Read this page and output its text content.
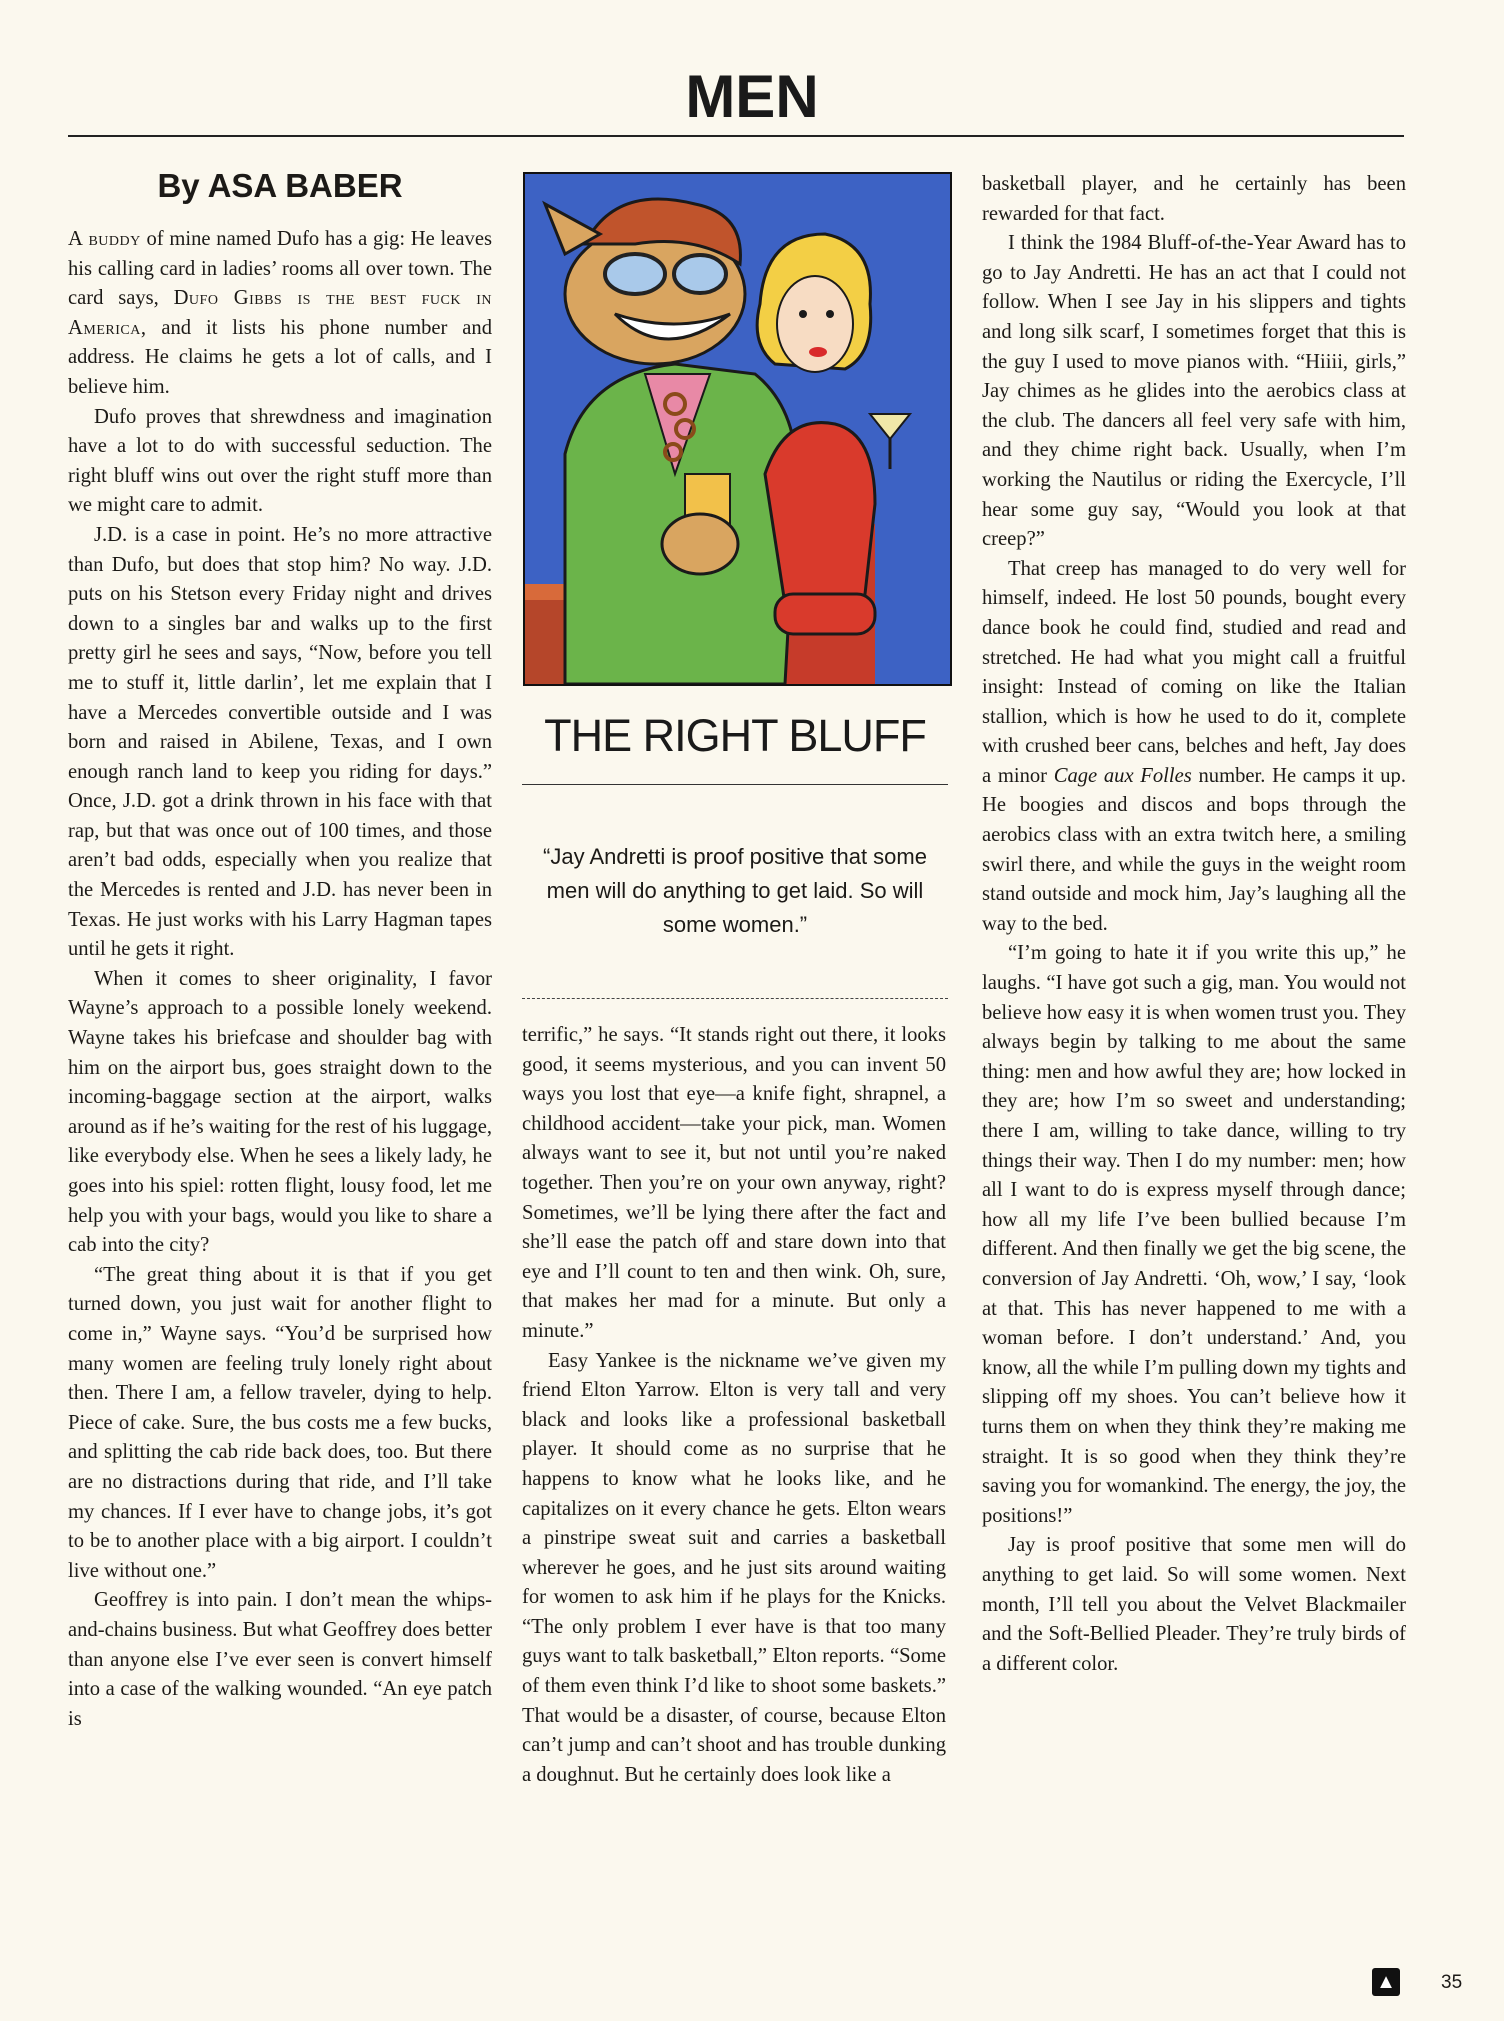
MEN
By ASA BABER

A buddy of mine named Dufo has a gig: He leaves his calling card in ladies’ rooms all over town. The card says, Dufo Gibbs is the best fuck in America, and it lists his phone number and address. He claims he gets a lot of calls, and I believe him.

Dufo proves that shrewdness and imagination have a lot to do with successful seduction. The right bluff wins out over the right stuff more than we might care to admit.

J.D. is a case in point. He’s no more attractive than Dufo, but does that stop him? No way. J.D. puts on his Stetson every Friday night and drives down to a singles bar and walks up to the first pretty girl he sees and says, “Now, before you tell me to stuff it, little darlin’, let me explain that I have a Mercedes convertible outside and I was born and raised in Abilene, Texas, and I own enough ranch land to keep you riding for days.” Once, J.D. got a drink thrown in his face with that rap, but that was once out of 100 times, and those aren’t bad odds, especially when you realize that the Mercedes is rented and J.D. has never been in Texas. He just works with his Larry Hagman tapes until he gets it right.

When it comes to sheer originality, I favor Wayne’s approach to a possible lonely weekend. Wayne takes his briefcase and shoulder bag with him on the airport bus, goes straight down to the incoming-baggage section at the airport, walks around as if he’s waiting for the rest of his luggage, like everybody else. When he sees a likely lady, he goes into his spiel: rotten flight, lousy food, let me help you with your bags, would you like to share a cab into the city?

“The great thing about it is that if you get turned down, you just wait for another flight to come in,” Wayne says. “You’d be surprised how many women are feeling truly lonely right about then. There I am, a fellow traveler, dying to help. Piece of cake. Sure, the bus costs me a few bucks, and splitting the cab ride back does, too. But there are no distractions during that ride, and I’ll take my chances. If I ever have to change jobs, it’s got to be to another place with a big airport. I couldn’t live without one.”

Geoffrey is into pain. I don’t mean the whips-and-chains business. But what Geoffrey does better than anyone else I’ve ever seen is convert himself into a case of the walking wounded. “An eye patch is

THE RIGHT BLUFF
“Jay Andretti is proof positive that some men will do anything to get laid. So will some women.”

terrific,” he says. “It stands right out there, it looks good, it seems mysterious, and you can invent 50 ways you lost that eye—a knife fight, shrapnel, a childhood accident—take your pick, man. Women always want to see it, but not until you’re naked together. Then you’re on your own anyway, right? Sometimes, we’ll be lying there after the fact and she’ll ease the patch off and stare down into that eye and I’ll count to ten and then wink. Oh, sure, that makes her mad for a minute. But only a minute.”

Easy Yankee is the nickname we’ve given my friend Elton Yarrow. Elton is very tall and very black and looks like a professional basketball player. It should come as no surprise that he happens to know what he looks like, and he capitalizes on it every chance he gets. Elton wears a pinstripe sweat suit and carries a basketball wherever he goes, and he just sits around waiting for women to ask him if he plays for the Knicks. “The only problem I ever have is that too many guys want to talk basketball,” Elton reports. “Some of them even think I’d like to shoot some baskets.” That would be a disaster, of course, because Elton can’t jump and can’t shoot and has trouble dunking a doughnut. But he certainly does look like a

basketball player, and he certainly has been rewarded for that fact.

I think the 1984 Bluff-of-the-Year Award has to go to Jay Andretti. He has an act that I could not follow. When I see Jay in his slippers and tights and long silk scarf, I sometimes forget that this is the guy I used to move pianos with. “Hiiii, girls,” Jay chimes as he glides into the aerobics class at the club. The dancers all feel very safe with him, and they chime right back. Usually, when I’m working the Nautilus or riding the Exercycle, I’ll hear some guy say, “Would you look at that creep?”

That creep has managed to do very well for himself, indeed. He lost 50 pounds, bought every dance book he could find, studied and read and stretched. He had what you might call a fruitful insight: Instead of coming on like the Italian stallion, which is how he used to do it, complete with crushed beer cans, belches and heft, Jay does a minor Cage aux Folles number. He camps it up. He boogies and discos and bops through the aerobics class with an extra twitch here, a smiling swirl there, and while the guys in the weight room stand outside and mock him, Jay’s laughing all the way to the bed.

“I’m going to hate it if you write this up,” he laughs. “I have got such a gig, man. You would not believe how easy it is when women trust you. They always begin by talking to me about the same thing: men and how awful they are; how locked in they are; how I’m so sweet and understanding; there I am, willing to take dance, willing to try things their way. Then I do my number: men; how all I want to do is express myself through dance; how all my life I’ve been bullied because I’m different. And then finally we get the big scene, the conversion of Jay Andretti. ‘Oh, wow,’ I say, ‘look at that. This has never happened to me with a woman before. I don’t understand.’ And, you know, all the while I’m pulling down my tights and slipping off my shoes. You can’t believe how it turns them on when they think they’re making me straight. It is so good when they think they’re saving you for womankind. The energy, the joy, the positions!”

Jay is proof positive that some men will do anything to get laid. So will some women. Next month, I’ll tell you about the Velvet Blackmailer and the Soft-Bellied Pleader. They’re truly birds of a different color.

▲ 35
